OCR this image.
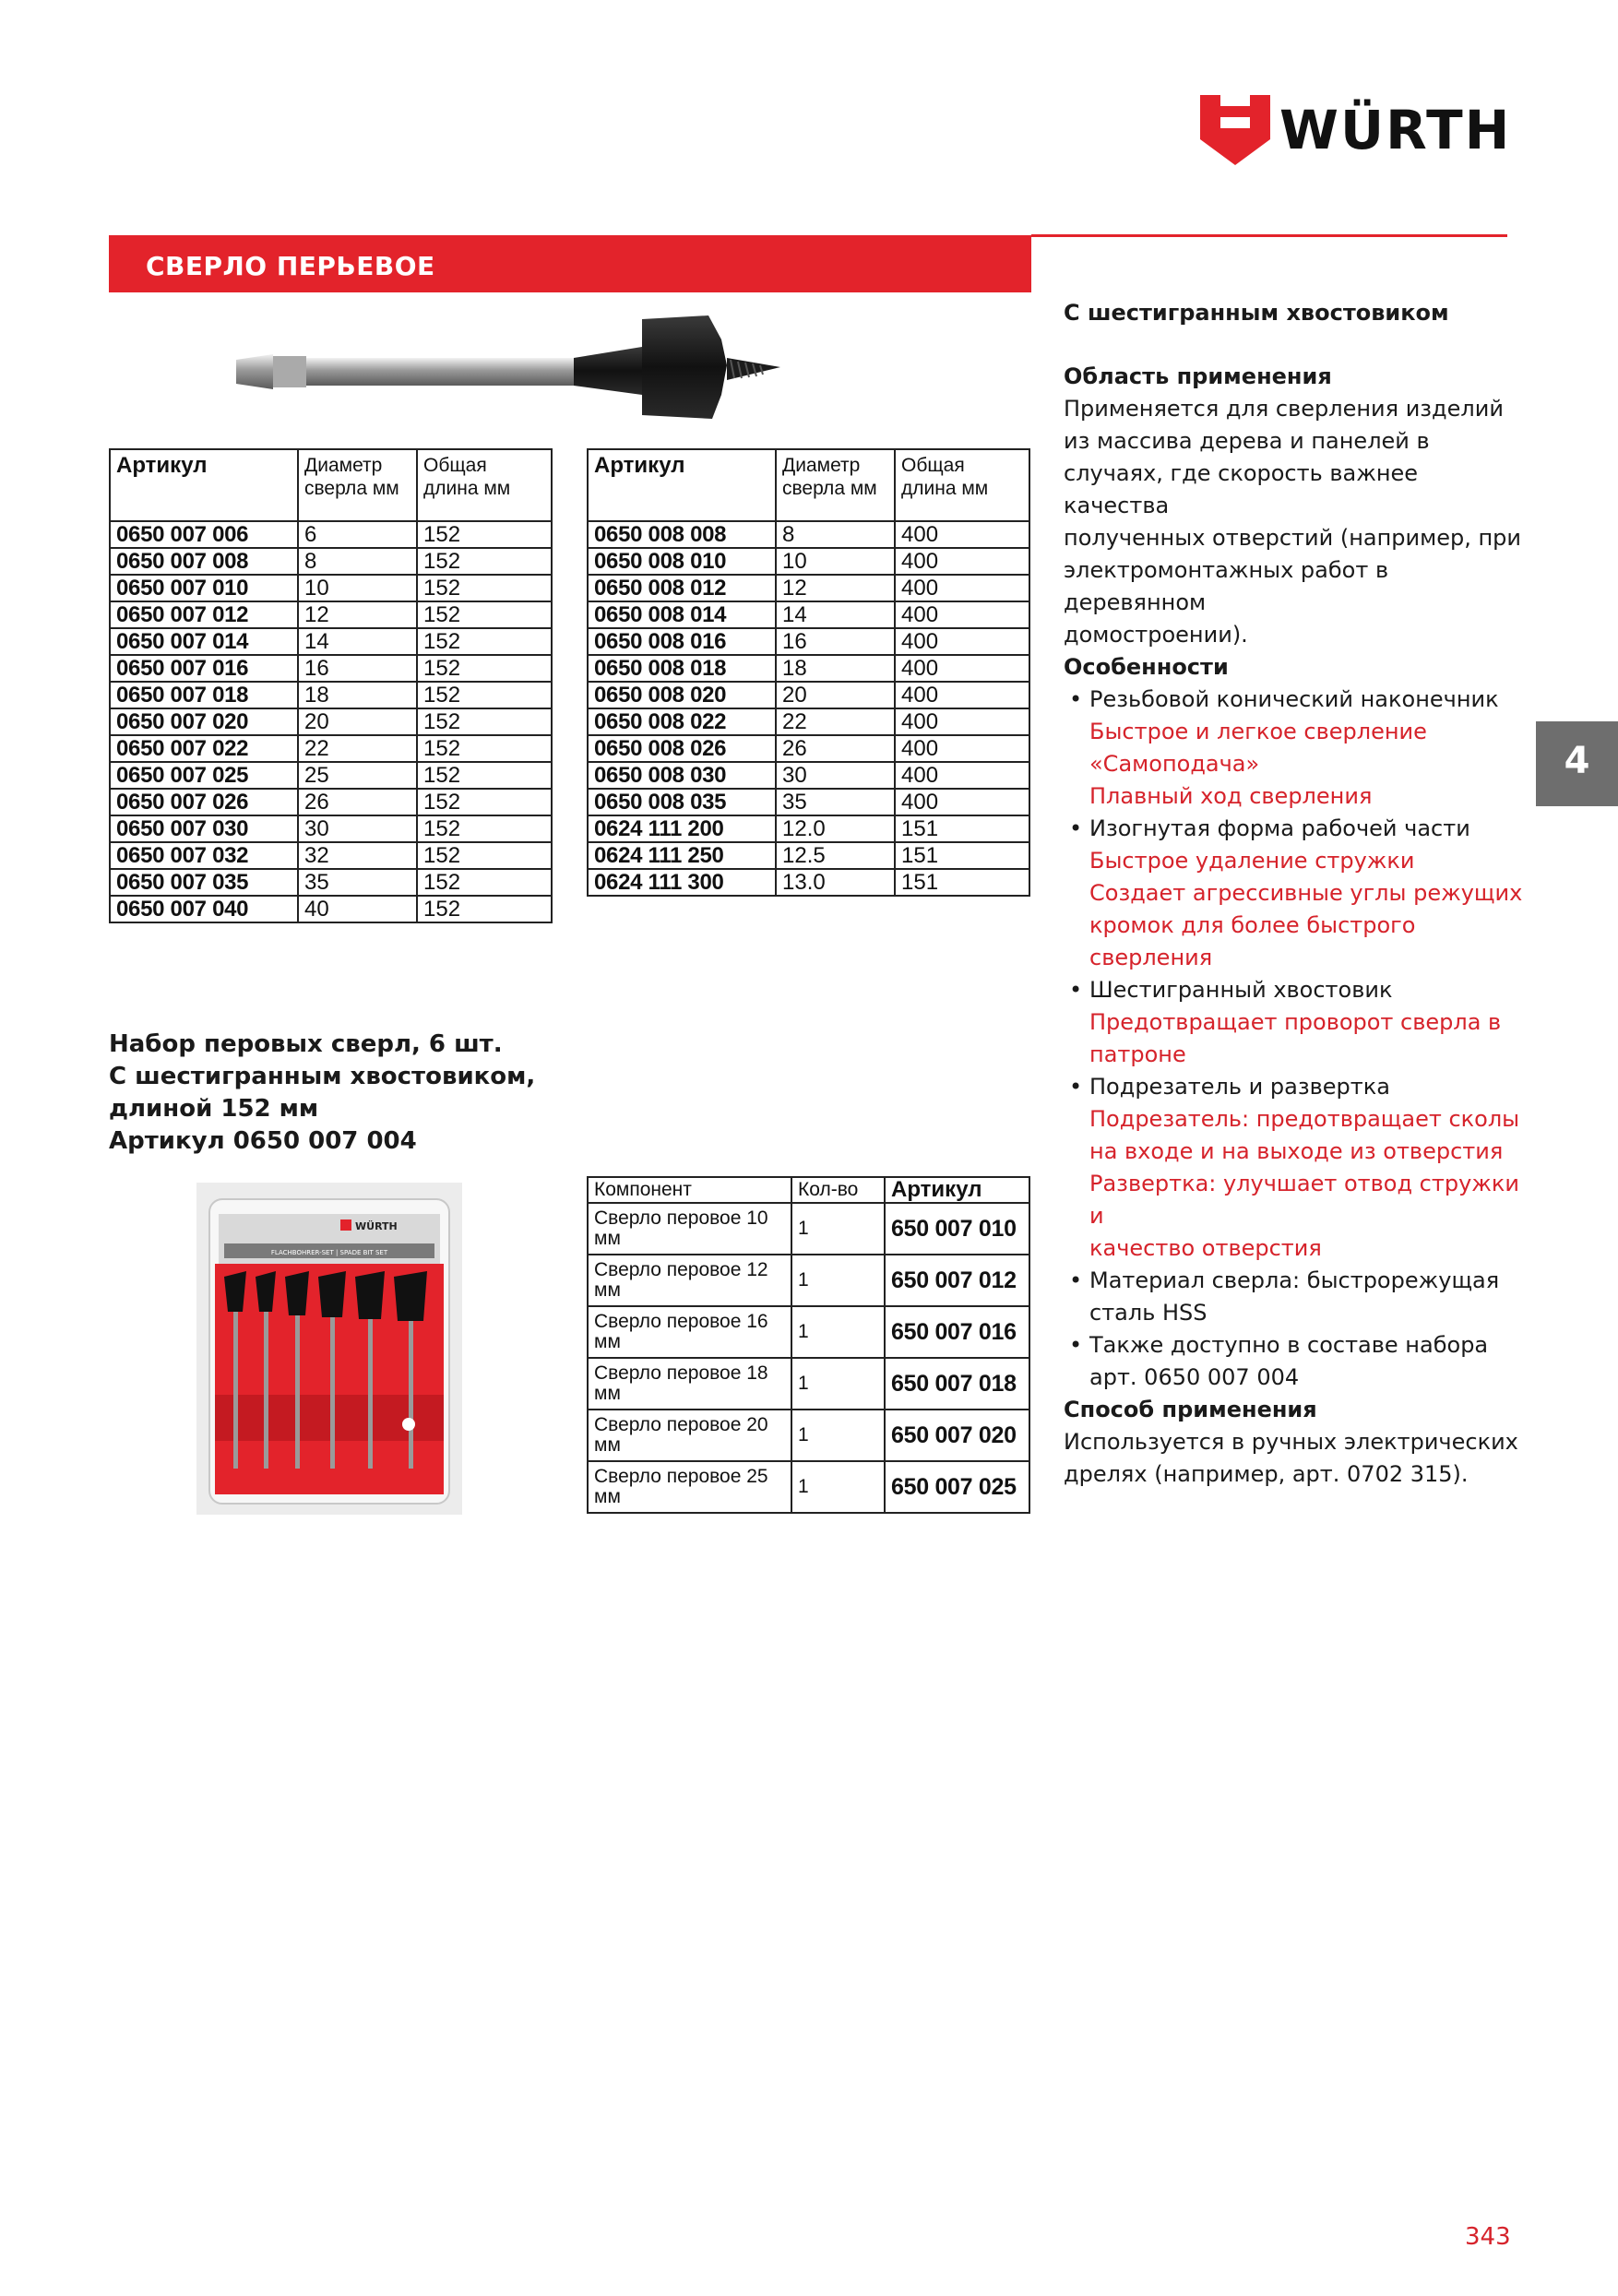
WÜRTH
СВЕРЛО ПЕРЬЕВОЕ
Артикул	Диаметр сверла мм	Общая длина мм
0650 007 006	6	152
0650 007 008	8	152
0650 007 010	10	152
0650 007 012	12	152
0650 007 014	14	152
0650 007 016	16	152
0650 007 018	18	152
0650 007 020	20	152
0650 007 022	22	152
0650 007 025	25	152
0650 007 026	26	152
0650 007 030	30	152
0650 007 032	32	152
0650 007 035	35	152
0650 007 040	40	152
Артикул	Диаметр сверла мм	Общая длина мм
0650 008 008	8	400
0650 008 010	10	400
0650 008 012	12	400
0650 008 014	14	400
0650 008 016	16	400
0650 008 018	18	400
0650 008 020	20	400
0650 008 022	22	400
0650 008 026	26	400
0650 008 030	30	400
0650 008 035	35	400
0624 111 200	12.0	151
0624 111 250	12.5	151
0624 111 300	13.0	151
Набор перовых сверл, 6 шт.
С шестигранным хвостовиком,
длиной 152 мм
Артикул 0650 007 004
FLACHBOHRER-SET | SPADE BIT SET
WÜRTH
Компонент	Кол-во	Артикул
Сверло перовое 10 мм	1	650 007 010
Сверло перовое 12 мм	1	650 007 012
Сверло перовое 16 мм	1	650 007 016
Сверло перовое 18 мм	1	650 007 018
Сверло перовое 20 мм	1	650 007 020
Сверло перовое 25 мм	1	650 007 025
С шестигранным хвостовиком
Область применения
Применяется для сверления изделий
из массива дерева и панелей в
случаях, где скорость важнее качества
полученных отверстий (например, при
электромонтажных работ в деревянном
домостроении).
Особенности
• Резьбовой конический наконечник
Быстрое и легкое сверление
«Самоподача»
Плавный ход сверления
• Изогнутая форма рабочей части
Быстрое удаление стружки
Создает агрессивные углы режущих
кромок для более быстрого сверления
• Шестигранный хвостовик
Предотвращает проворот сверла в
патроне
• Подрезатель и развертка
Подрезатель: предотвращает сколы
на входе и на выходе из отверстия
Развертка: улучшает отвод стружки и
качество отверстия
• Материал сверла: быстрорежущая
сталь HSS
• Также доступно в составе набора
арт. 0650 007 004
Способ применения
Используется в ручных электрических
дрелях (например, арт. 0702 315).
4
343
